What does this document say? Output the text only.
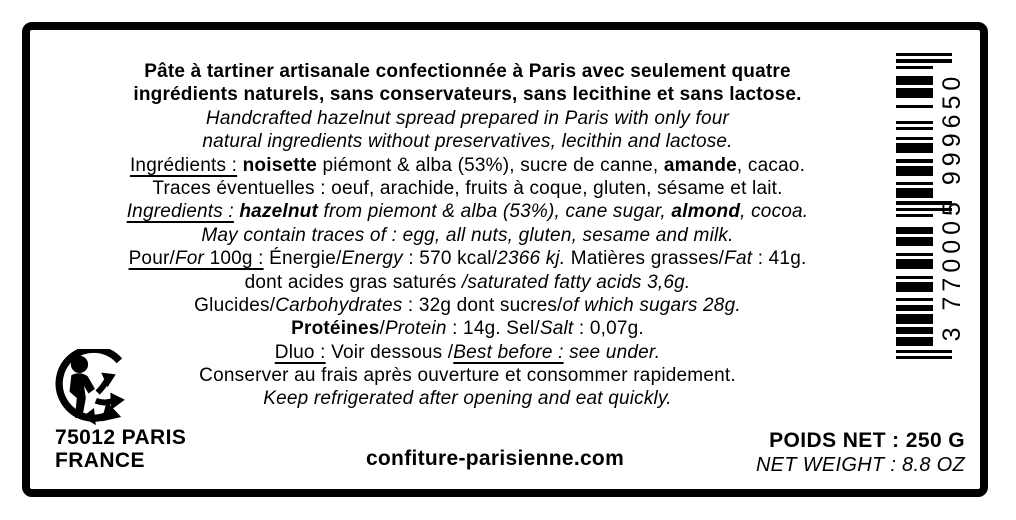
Pâte à tartiner artisanale confectionnée à Paris avec seulement quatre
ingrédients naturels, sans conservateurs, sans lecithine et sans lactose.
Handcrafted hazelnut spread prepared in Paris with only four
natural ingredients without preservatives, lecithin and lactose.
Ingrédients : noisette piémont & alba (53%), sucre de canne, amande, cacao.
Traces éventuelles : oeuf, arachide, fruits à coque, gluten, sésame et lait.
Ingredients : hazelnut from piemont & alba (53%), cane sugar, almond, cocoa.
May contain traces of : egg, all nuts, gluten, sesame and milk.
Pour/For 100g : Énergie/Energy : 570 kcal/2366 kj. Matières grasses/Fat : 41g.
dont acides gras saturés /saturated fatty acids 3,6g.
Glucides/Carbohydrates : 32g dont sucres/of which sugars 28g.
Protéines/Protein : 14g. Sel/Salt : 0,07g.
Dluo : Voir dessous /Best before : see under.
Conserver au frais après ouverture et consommer rapidement.
Keep refrigerated after opening and eat quickly.
75012 PARIS
FRANCE	confiture-parisienne.com
POIDS NET : 250 G
NET WEIGHT : 8.8 OZ
3 770005 999650
